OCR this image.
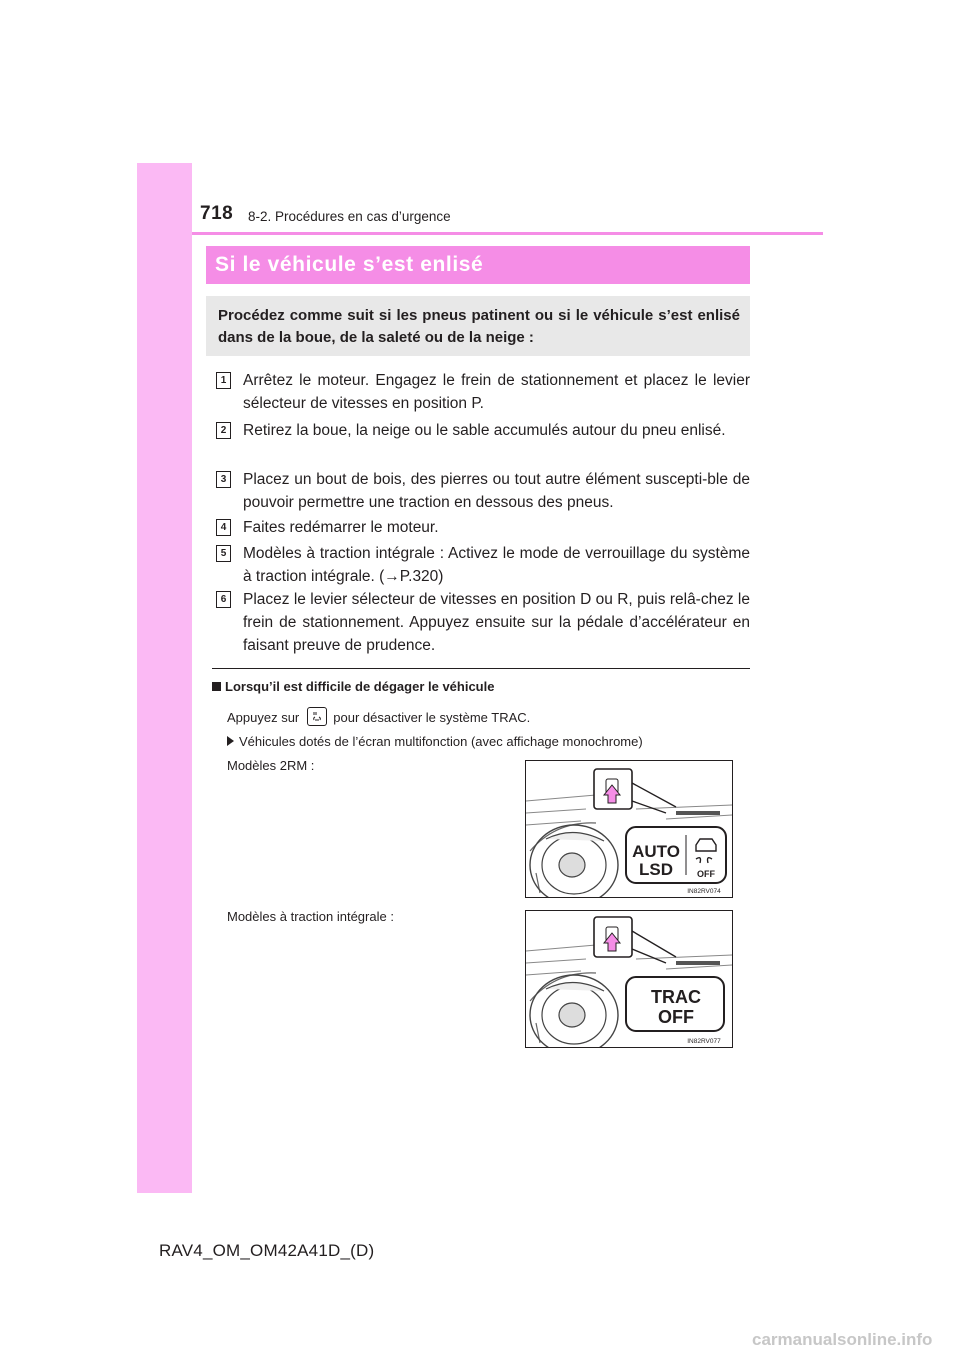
718 8-2. Procédures en cas d’urgence
Si le véhicule s’est enlisé

Procédez comme suit si les pneus patinent ou si le véhicule s’est enlisé dans de la boue, de la saleté ou de la neige :

1	Arrêtez le moteur. Engagez le frein de stationnement et placez le levier sélecteur de vitesses en position P.

2	Retirez la boue, la neige ou le sable accumulés autour du pneu enlisé.

3	Placez un bout de bois, des pierres ou tout autre élément suscepti-ble de pouvoir permettre une traction en dessous des pneus.

4	Faites redémarrer le moteur.

5	Modèles à traction intégrale : Activez le mode de verrouillage du système à traction intégrale. (→P.320)

6	Placez le levier sélecteur de vitesses en position D ou R, puis relâ-chez le frein de stationnement. Appuyez ensuite sur la pédale d’accélérateur en faisant preuve de prudence.

Lorsqu’il est difficile de dégager le véhicule
Appuyez sur	pour désactiver le système TRAC.
Véhicules dotés de l’écran multifonction (avec affichage monochrome)
Modèles 2RM :
Modèles à traction intégrale :
AUTO
LSD	OFF
IN82RV074
TRAC
OFF
IN82RV077
RAV4_OM_OM42A41D_(D)
carmanualsonline.info
